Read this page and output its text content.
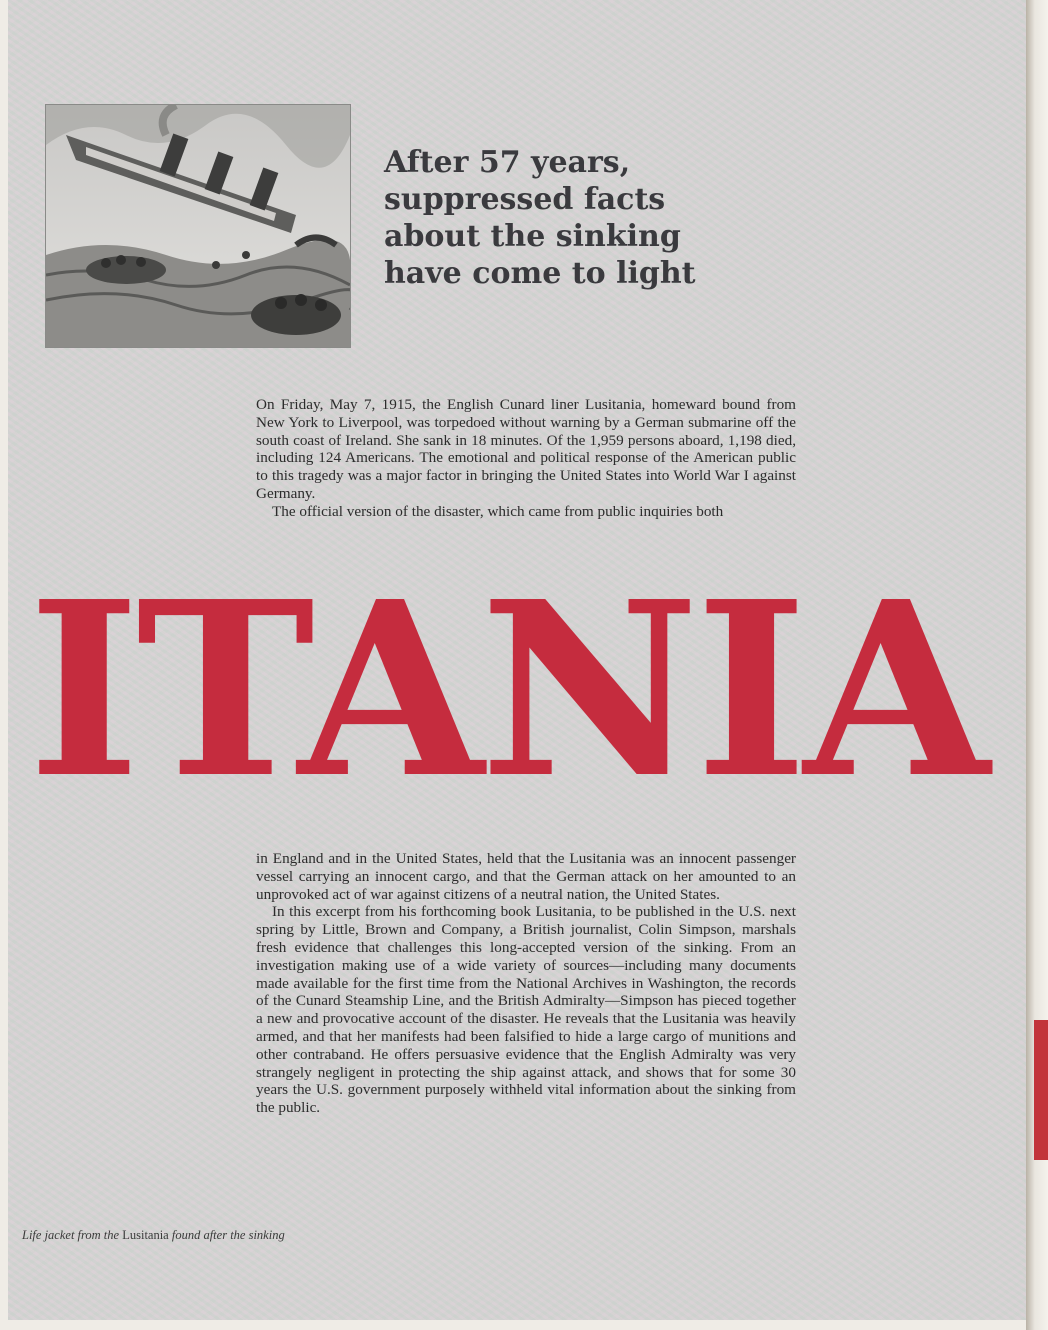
After 57 years,
suppressed facts
about the sinking
have come to light

On Friday, May 7, 1915, the English Cunard liner Lusitania, homeward bound from New York to Liverpool, was torpedoed without warning by a German submarine off the south coast of Ireland. She sank in 18 minutes. Of the 1,959 persons aboard, 1,198 died, including 124 Americans. The emotional and political response of the American public to this tragedy was a major factor in bringing the United States into World War I against Germany.

The official version of the disaster, which came from public inquiries both

ITANIA

in England and in the United States, held that the Lusitania was an innocent passenger vessel carrying an innocent cargo, and that the German attack on her amounted to an unprovoked act of war against citizens of a neutral nation, the United States.

In this excerpt from his forthcoming book Lusitania, to be published in the U.S. next spring by Little, Brown and Company, a British journalist, Colin Simpson, marshals fresh evidence that challenges this long-accepted version of the sinking. From an investigation making use of a wide variety of sources—including many documents made available for the first time from the National Archives in Washington, the records of the Cunard Steamship Line, and the British Admiralty—Simpson has pieced together a new and provocative account of the disaster. He reveals that the Lusitania was heavily armed, and that her manifests had been falsified to hide a large cargo of munitions and other contraband. He offers persuasive evidence that the English Admiralty was very strangely negligent in protecting the ship against attack, and shows that for some 30 years the U.S. government purposely withheld vital information about the sinking from the public.

Life jacket from the Lusitania found after the sinking
